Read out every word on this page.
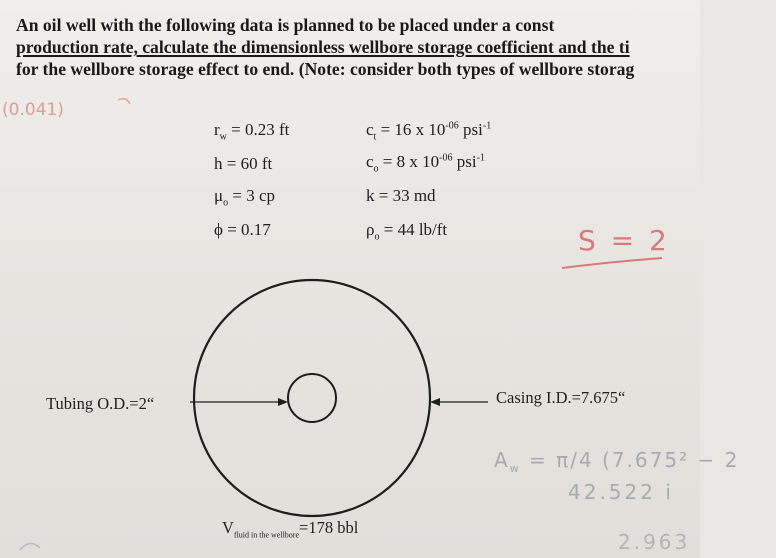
An oil well with the following data is planned to be placed under a const
production rate, calculate the dimensionless wellbore storage coefficient and the ti
for the wellbore storage effect to end. (Note: consider both types of wellbore storag
$r_w = 0.23$ ft
h = 60 ft
$\mu_o = 3$ cp
ϕ = 0.17
$c_t = 16$ x $10^{-06}$ psi$^{-1}$
$c_o = 8$ x $10^{-06}$ psi$^{-1}$
k = 33 md
$\rho_o = 44$ lb/ft
Tubing O.D.=2“	Casing I.D.=7.675“
$V_{fluid in the wellbore}=178$ bbl
(0.041)
S = 2
$A_w = \pi/4$ (7.675² − 2
42.522 i
2.963
